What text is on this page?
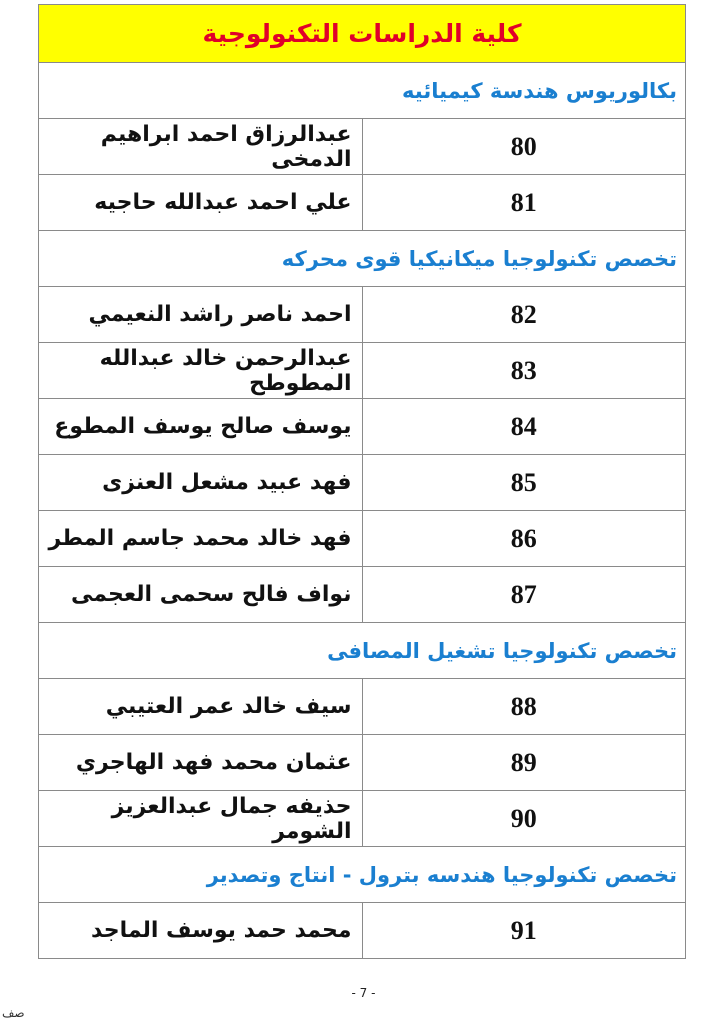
كلية الدراسات التكنولوجية	
بكالوريوس هندسة كيميائيه	
80	عبدالرزاق احمد ابراهيم الدمخى
81	علي احمد عبدالله حاجيه
تخصص تكنولوجيا ميكانيكيا قوى محركه	
82	احمد ناصر راشد النعيمي
83	عبدالرحمن خالد عبدالله المطوطح
84	يوسف صالح يوسف المطوع
85	فهد عبيد مشعل العنزى
86	فهد خالد محمد جاسم المطر
87	نواف فالح سحمى العجمى
تخصص تكنولوجيا تشغيل المصافى	
88	سيف خالد عمر العتيبي
89	عثمان محمد فهد الهاجري
90	حذيفه جمال عبدالعزيز الشومر
تخصص تكنولوجيا هندسه بترول - انتاج وتصدير	
91	محمد حمد يوسف الماجد
- 7 -
صف
